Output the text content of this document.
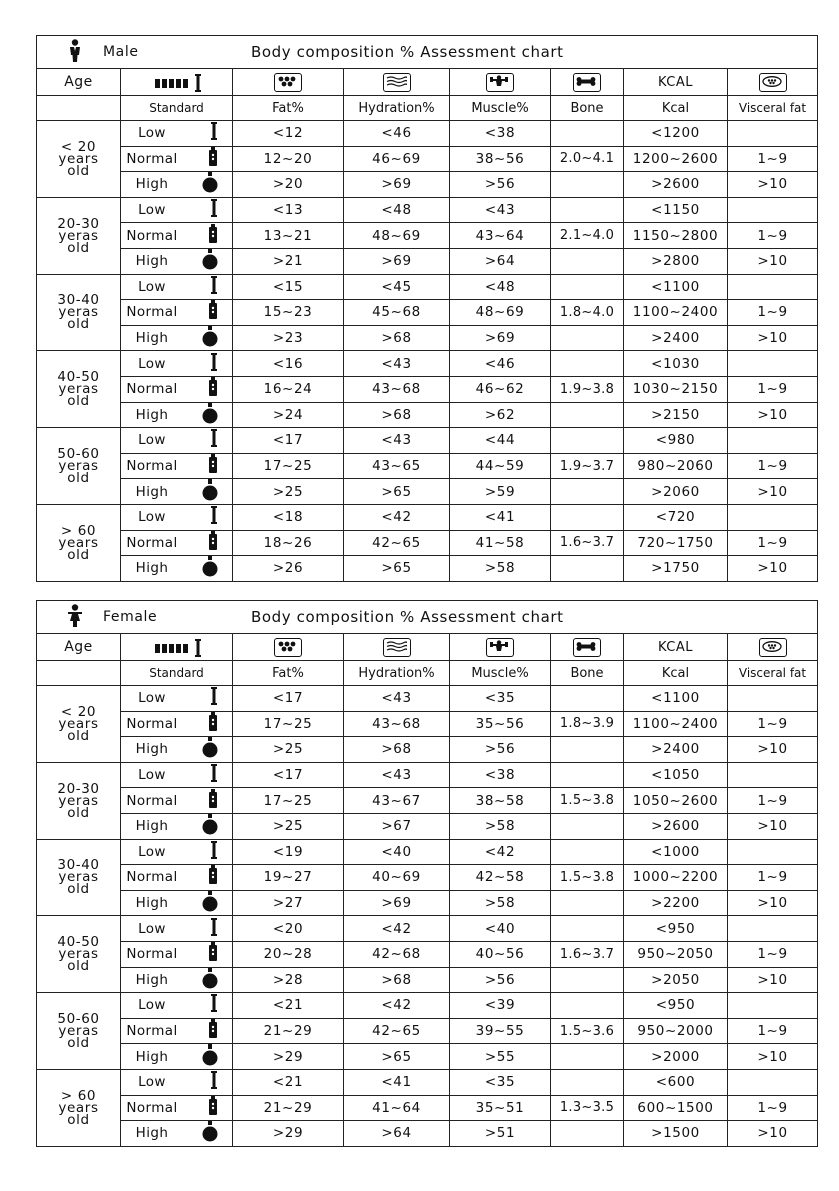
Male Body composition % Assessment chart							

Age						KCAL	

	Standard	Fat%	Hydration%	Muscle%	Bone	Kcal	Visceral fat

< 20
years
old	Low	<12	<46	<38		<1200	

	Normal	12~20	46~69	38~56	2.0~4.1	1200~2600	1~9

	High	>20	>69	>56		>2600	>10

20-30
yeras
old	Low	<13	<48	<43		<1150	

	Normal	13~21	48~69	43~64	2.1~4.0	1150~2800	1~9

	High	>21	>69	>64		>2800	>10

30-40
yeras
old	Low	<15	<45	<48		<1100	

	Normal	15~23	45~68	48~69	1.8~4.0	1100~2400	1~9

	High	>23	>68	>69		>2400	>10

40-50
yeras
old	Low	<16	<43	<46		<1030	

	Normal	16~24	43~68	46~62	1.9~3.8	1030~2150	1~9

	High	>24	>68	>62		>2150	>10

50-60
yeras
old	Low	<17	<43	<44		<980	

	Normal	17~25	43~65	44~59	1.9~3.7	980~2060	1~9

	High	>25	>65	>59		>2060	>10

> 60
years
old	Low	<18	<42	<41		<720	

	Normal	18~26	42~65	41~58	1.6~3.7	720~1750	1~9

	High	>26	>65	>58		>1750	>10
Female Body composition % Assessment chart							

Age						KCAL	

	Standard	Fat%	Hydration%	Muscle%	Bone	Kcal	Visceral fat

< 20
years
old	Low	<17	<43	<35		<1100	

	Normal	17~25	43~68	35~56	1.8~3.9	1100~2400	1~9

	High	>25	>68	>56		>2400	>10

20-30
yeras
old	Low	<17	<43	<38		<1050	

	Normal	17~25	43~67	38~58	1.5~3.8	1050~2600	1~9

	High	>25	>67	>58		>2600	>10

30-40
yeras
old	Low	<19	<40	<42		<1000	

	Normal	19~27	40~69	42~58	1.5~3.8	1000~2200	1~9

	High	>27	>69	>58		>2200	>10

40-50
yeras
old	Low	<20	<42	<40		<950	

	Normal	20~28	42~68	40~56	1.6~3.7	950~2050	1~9

	High	>28	>68	>56		>2050	>10

50-60
yeras
old	Low	<21	<42	<39		<950	

	Normal	21~29	42~65	39~55	1.5~3.6	950~2000	1~9

	High	>29	>65	>55		>2000	>10

> 60
years
old	Low	<21	<41	<35		<600	

	Normal	21~29	41~64	35~51	1.3~3.5	600~1500	1~9

	High	>29	>64	>51		>1500	>10
